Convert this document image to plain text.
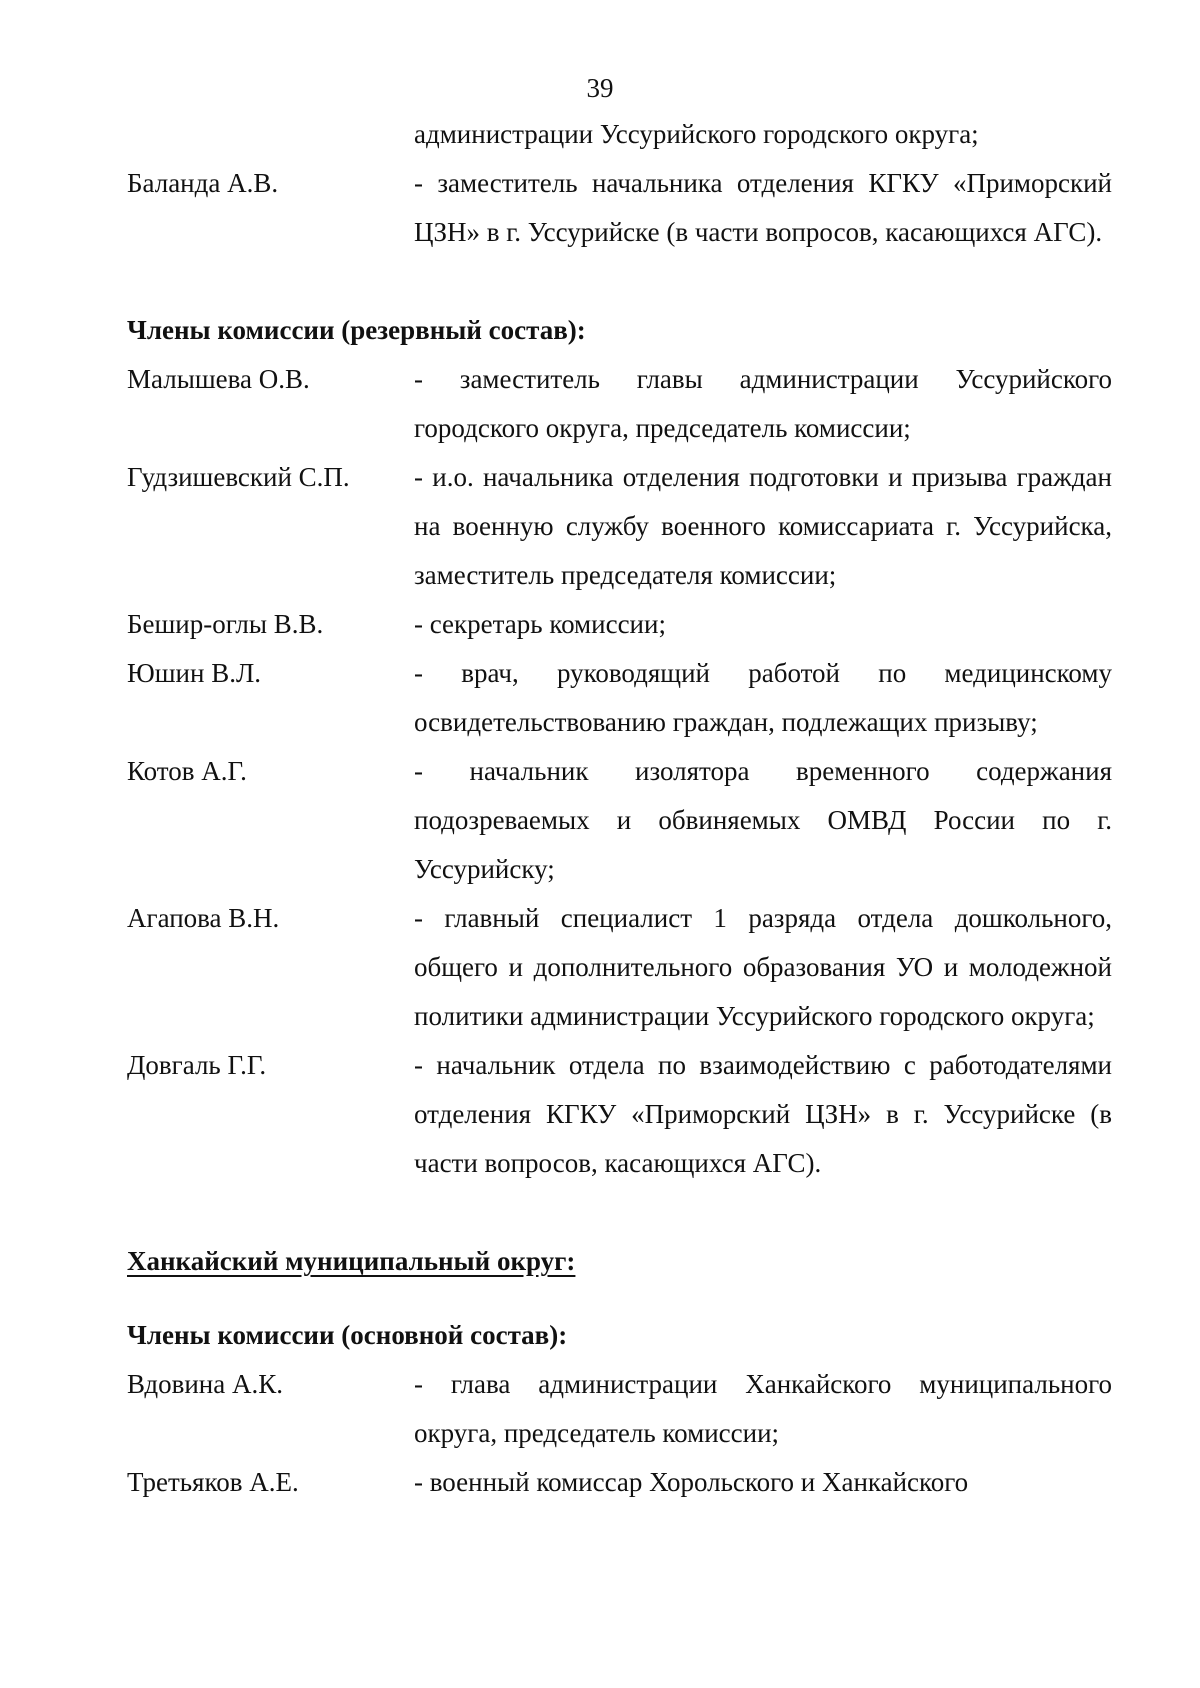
39
администрации Уссурийского городского округа;
Баланда А.В.	- заместитель начальника отделения КГКУ «Приморский ЦЗН» в г. Уссурийске (в части вопросов, касающихся АГС).
Члены комиссии (резервный состав):
Малышева О.В.	- заместитель главы администрации Уссурийского городского округа, председатель комиссии;
Гудзишевский С.П.	- и.о. начальника отделения подготовки и призыва граждан на военную службу военного комиссариата г. Уссурийска, заместитель председателя комиссии;
Бешир-оглы В.В.	- секретарь комиссии;
Юшин В.Л.	- врач, руководящий работой по медицинскому освидетельствованию граждан, подлежащих призыву;
Котов А.Г.	- начальник изолятора временного содержания подозреваемых и обвиняемых ОМВД России по г. Уссурийску;
Агапова В.Н.	- главный специалист 1 разряда отдела дошкольного, общего и дополнительного образования УО и молодежной политики администрации Уссурийского городского округа;
Довгаль Г.Г.	- начальник отдела по взаимодействию с работодателями отделения КГКУ «Приморский ЦЗН» в г. Уссурийске (в части вопросов, касающихся АГС).
Ханкайский муниципальный округ:
Члены комиссии (основной состав):
Вдовина А.К.	- глава администрации Ханкайского муниципального округа, председатель комиссии;
Третьяков А.Е.	- военный комиссар Хорольского и Ханкайского
